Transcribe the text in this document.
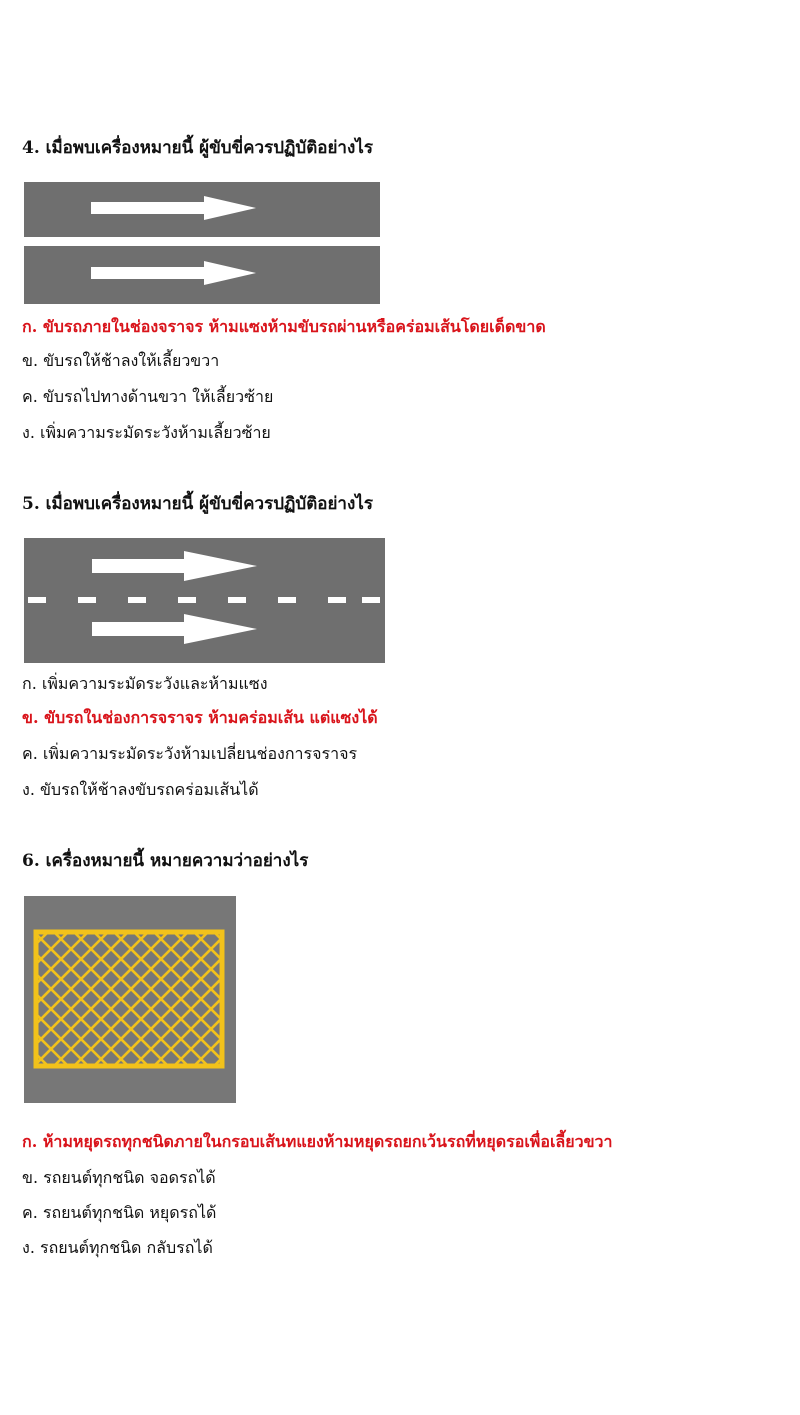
4. เมื่อพบเครื่องหมายนี้ ผู้ขับขี่ควรปฏิบัติอย่างไร
ก. ขับรถภายในช่องจราจร ห้ามแซงห้ามขับรถผ่านหรือคร่อมเส้นโดยเด็ดขาด
ข. ขับรถให้ช้าลงให้เลี้ยวขวา
ค. ขับรถไปทางด้านขวา ให้เลี้ยวซ้าย
ง. เพิ่มความระมัดระวังห้ามเลี้ยวซ้าย
5. เมื่อพบเครื่องหมายนี้ ผู้ขับขี่ควรปฏิบัติอย่างไร
ก. เพิ่มความระมัดระวังและห้ามแซง
ข. ขับรถในช่องการจราจร ห้ามคร่อมเส้น แต่แซงได้
ค. เพิ่มความระมัดระวังห้ามเปลี่ยนช่องการจราจร
ง. ขับรถให้ช้าลงขับรถคร่อมเส้นได้
6. เครื่องหมายนี้ หมายความว่าอย่างไร
ก. ห้ามหยุดรถทุกชนิดภายในกรอบเส้นทแยงห้ามหยุดรถยกเว้นรถที่หยุดรอเพื่อเลี้ยวขวา
ข. รถยนต์ทุกชนิด จอดรถได้
ค. รถยนต์ทุกชนิด หยุดรถได้
ง. รถยนต์ทุกชนิด กลับรถได้
